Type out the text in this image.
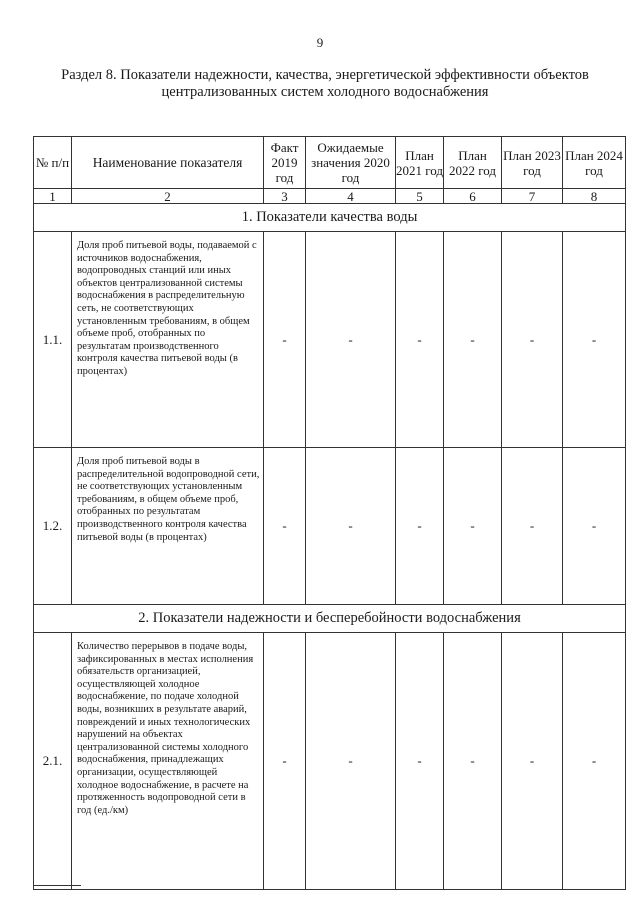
9
Раздел 8. Показатели надежности, качества, энергетической эффективности объектов централизованных систем холодного водоснабжения
№ п/п	Наименование показателя	Факт 2019 год	Ожидаемые значения 2020 год	План 2021 год	План 2022 год	План 2023 год	План 2024 год
1	2	3	4	5	6	7	8
1. Показатели качества воды							
1.1.	Доля проб питьевой воды, подаваемой с источников водоснабжения, водопроводных станций или иных объектов централизованной системы водоснабжения в распределительную сеть, не соответствующих установленным требованиям, в общем объеме проб, отобранных по результатам производственного контроля качества питьевой воды (в процентах)	-	-	-	-	-	-
1.2.	Доля проб питьевой воды в распределительной водопроводной сети, не соответствующих установленным требованиям, в общем объеме проб, отобранных по результатам производственного контроля качества питьевой воды (в процентах)	-	-	-	-	-	-
2. Показатели надежности и бесперебойности водоснабжения							
2.1.	Количество перерывов в подаче воды, зафиксированных в местах исполнения обязательств организацией, осуществляющей холодное водоснабжение, по подаче холодной воды, возникших в результате аварий, повреждений и иных технологических нарушений на объектах централизованной системы холодного водоснабжения, принадлежащих организации, осуществляющей холодное водоснабжение, в расчете на протяженность водопроводной сети в год (ед./км)	-	-	-	-	-	-
